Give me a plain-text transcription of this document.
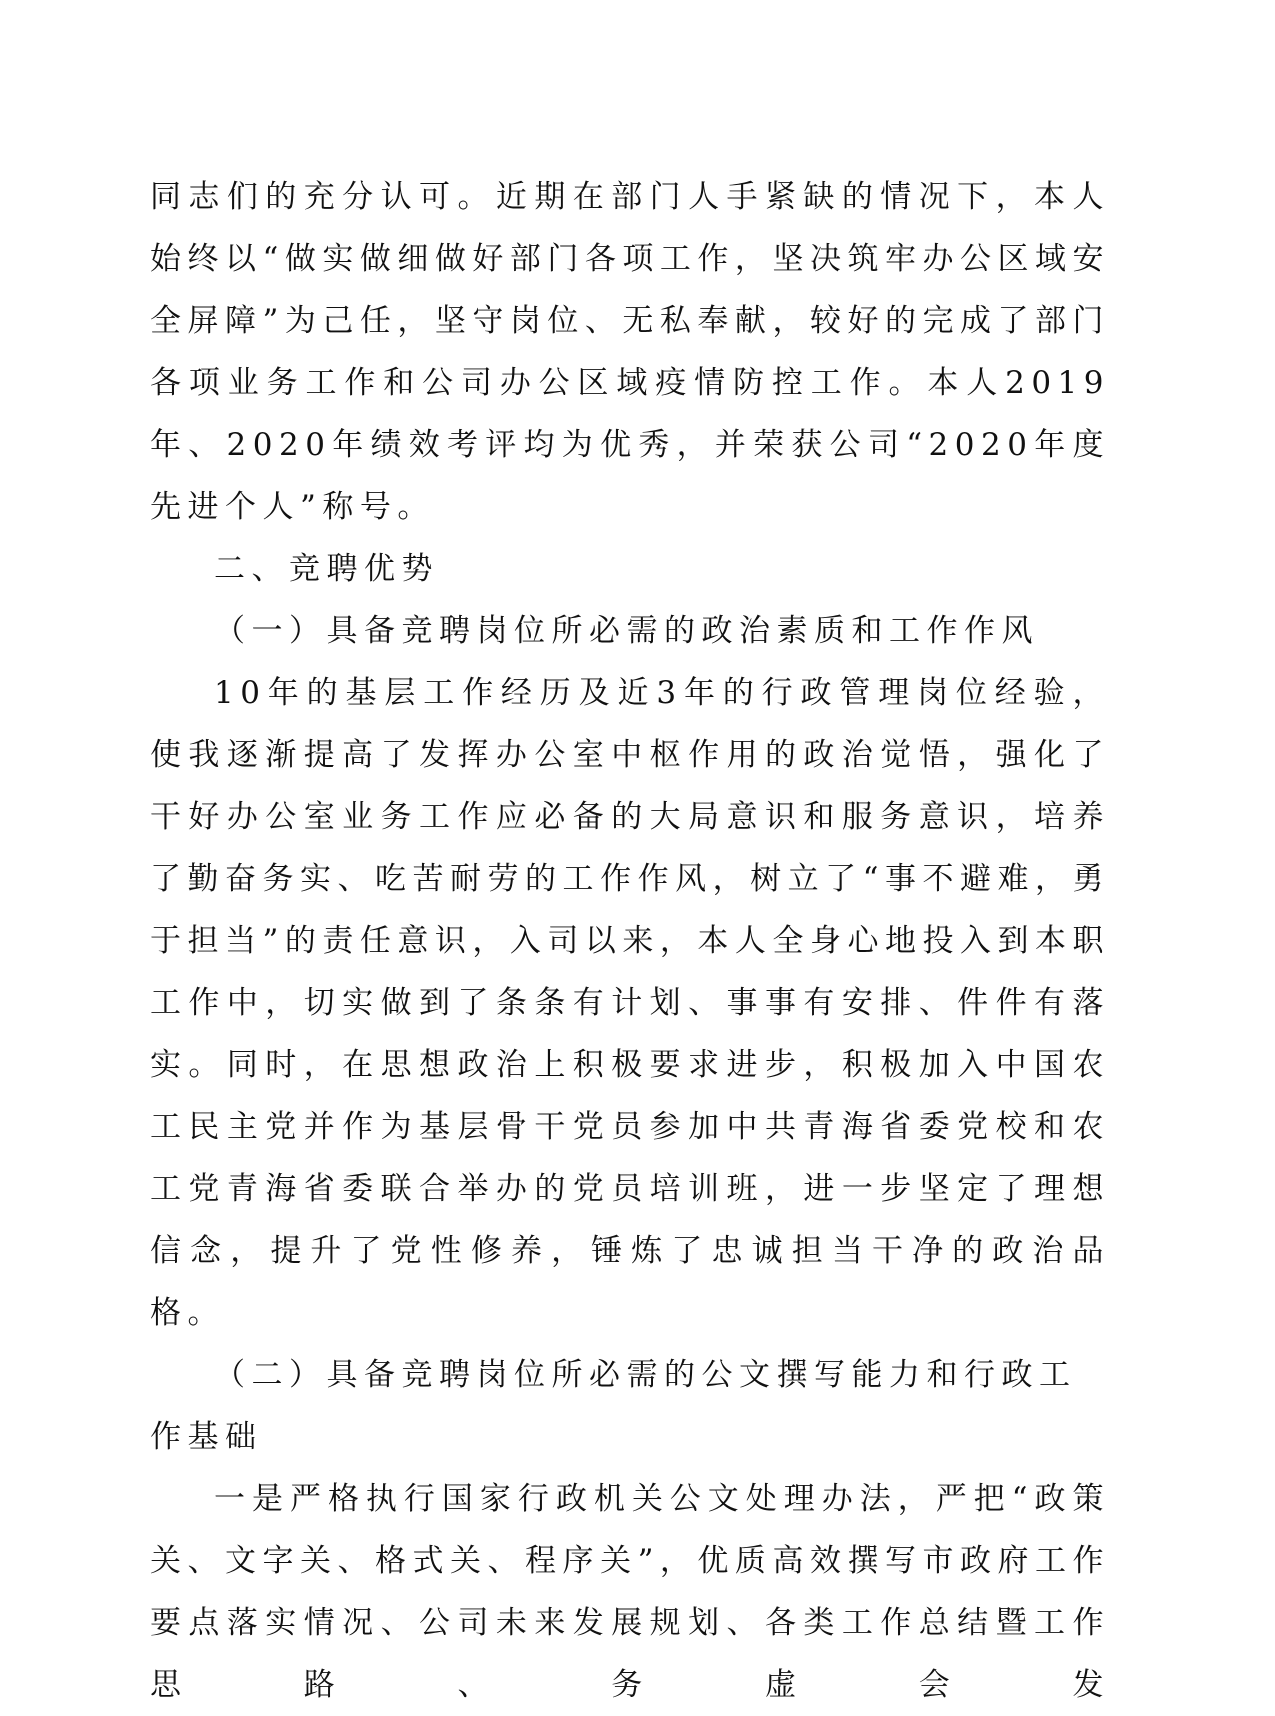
同志们的充分认可。近期在部门人手紧缺的情况下，本人始终以“做实做细做好部门各项工作，坚决筑牢办公区域安全屏障”为己任，坚守岗位、无私奉献，较好的完成了部门各项业务工作和公司办公区域疫情防控工作。本人2019年、2020年绩效考评均为优秀，并荣获公司“2020年度先进个人”称号。

二、竞聘优势

（一）具备竞聘岗位所必需的政治素质和工作作风

10年的基层工作经历及近3年的行政管理岗位经验，使我逐渐提高了发挥办公室中枢作用的政治觉悟，强化了干好办公室业务工作应必备的大局意识和服务意识，培养了勤奋务实、吃苦耐劳的工作作风，树立了“事不避难，勇于担当”的责任意识，入司以来，本人全身心地投入到本职工作中，切实做到了条条有计划、事事有安排、件件有落实。同时，在思想政治上积极要求进步，积极加入中国农工民主党并作为基层骨干党员参加中共青海省委党校和农工党青海省委联合举办的党员培训班，进一步坚定了理想信念，提升了党性修养，锤炼了忠诚担当干净的政治品格。

（二）具备竞聘岗位所必需的公文撰写能力和行政工作基础

一是严格执行国家行政机关公文处理办法，严把“政策关、文字关、格式关、程序关”，优质高效撰写市政府工作要点落实情况、公司未来发展规划、各类工作总结暨工作思路、务虚会发
